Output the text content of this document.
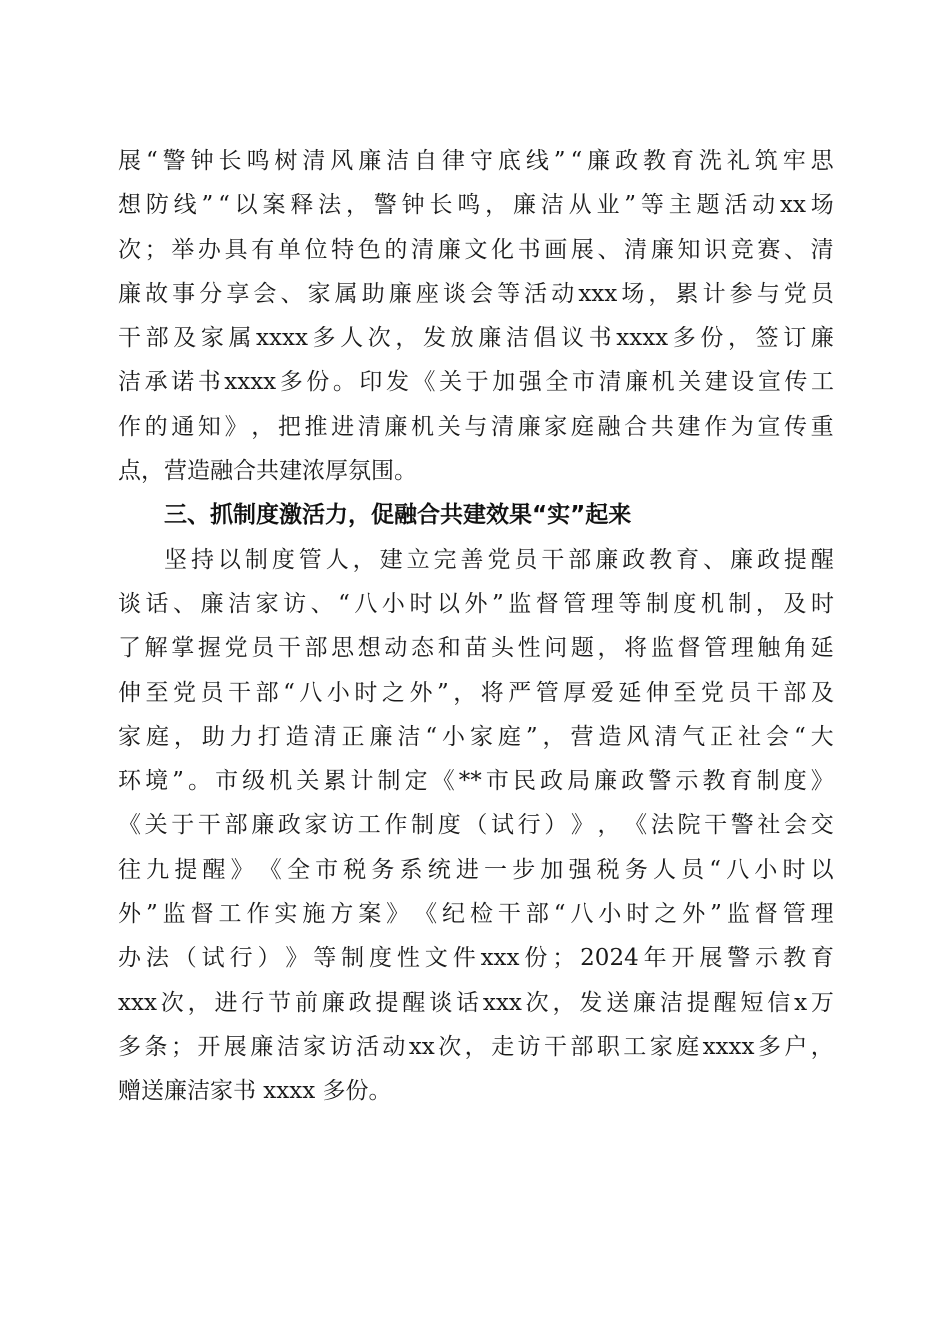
展 “ 警 钟 长 鸣 树 清 风 廉 洁 自 律 守 底 线 ” “ 廉 政 教 育 洗 礼 筑 牢 思
想 防 线 ” “ 以 案 释 法 ， 警 钟 长 鸣 ， 廉 洁 从 业 ” 等 主 题 活 动 xx 场
次 ； 举 办 具 有 单 位 特 色 的 清 廉 文 化 书 画 展 、 清 廉 知 识 竞 赛 、 清
廉 故 事 分 享 会 、 家 属 助 廉 座 谈 会 等 活 动 xxx 场 ， 累 计 参 与 党 员
干 部 及 家 属 xxxx 多 人 次 ， 发 放 廉 洁 倡 议 书 xxxx 多 份 ， 签 订 廉
洁 承 诺 书 xxxx 多 份 。 印 发 《 关 于 加 强 全 市 清 廉 机 关 建 设 宣 传 工
作 的 通 知 》 ， 把 推 进 清 廉 机 关 与 清 廉 家 庭 融 合 共 建 作 为 宣 传 重
点，营造融合共建浓厚氛围。
三、抓制度激活力，促融合共建效果“实”起来
坚 持 以 制 度 管 人 ， 建 立 完 善 党 员 干 部 廉 政 教 育 、 廉 政 提 醒
谈 话 、 廉 洁 家 访 、 “ 八 小 时 以 外 ” 监 督 管 理 等 制 度 机 制 ， 及 时
了 解 掌 握 党 员 干 部 思 想 动 态 和 苗 头 性 问 题 ， 将 监 督 管 理 触 角 延
伸 至 党 员 干 部 “ 八 小 时 之 外 ” ， 将 严 管 厚 爱 延 伸 至 党 员 干 部 及
家 庭 ， 助 力 打 造 清 正 廉 洁 “ 小 家 庭 ” ， 营 造 风 清 气 正 社 会 “ 大
环 境 ” 。 市 级 机 关 累 计 制 定 《 ** 市 民 政 局 廉 政 警 示 教 育 制 度 》
《 关 于 干 部 廉 政 家 访 工 作 制 度 （ 试 行 ） 》 ， 《 法 院 干 警 社 会 交
往 九 提 醒 》 《 全 市 税 务 系 统 进 一 步 加 强 税 务 人 员 “ 八 小 时 以
外 ” 监 督 工 作 实 施 方 案 》 《 纪 检 干 部 “ 八 小 时 之 外 ” 监 督 管 理
办 法 （ 试 行 ） 》 等 制 度 性 文 件 xxx 份 ； 2024 年 开 展 警 示 教 育
xxx 次 ， 进 行 节 前 廉 政 提 醒 谈 话 xxx 次 ， 发 送 廉 洁 提 醒 短 信 x 万
多 条 ； 开 展 廉 洁 家 访 活 动 xx 次 ， 走 访 干 部 职 工 家 庭 xxxx 多 户 ，
赠送廉洁家书 xxxx 多份。
